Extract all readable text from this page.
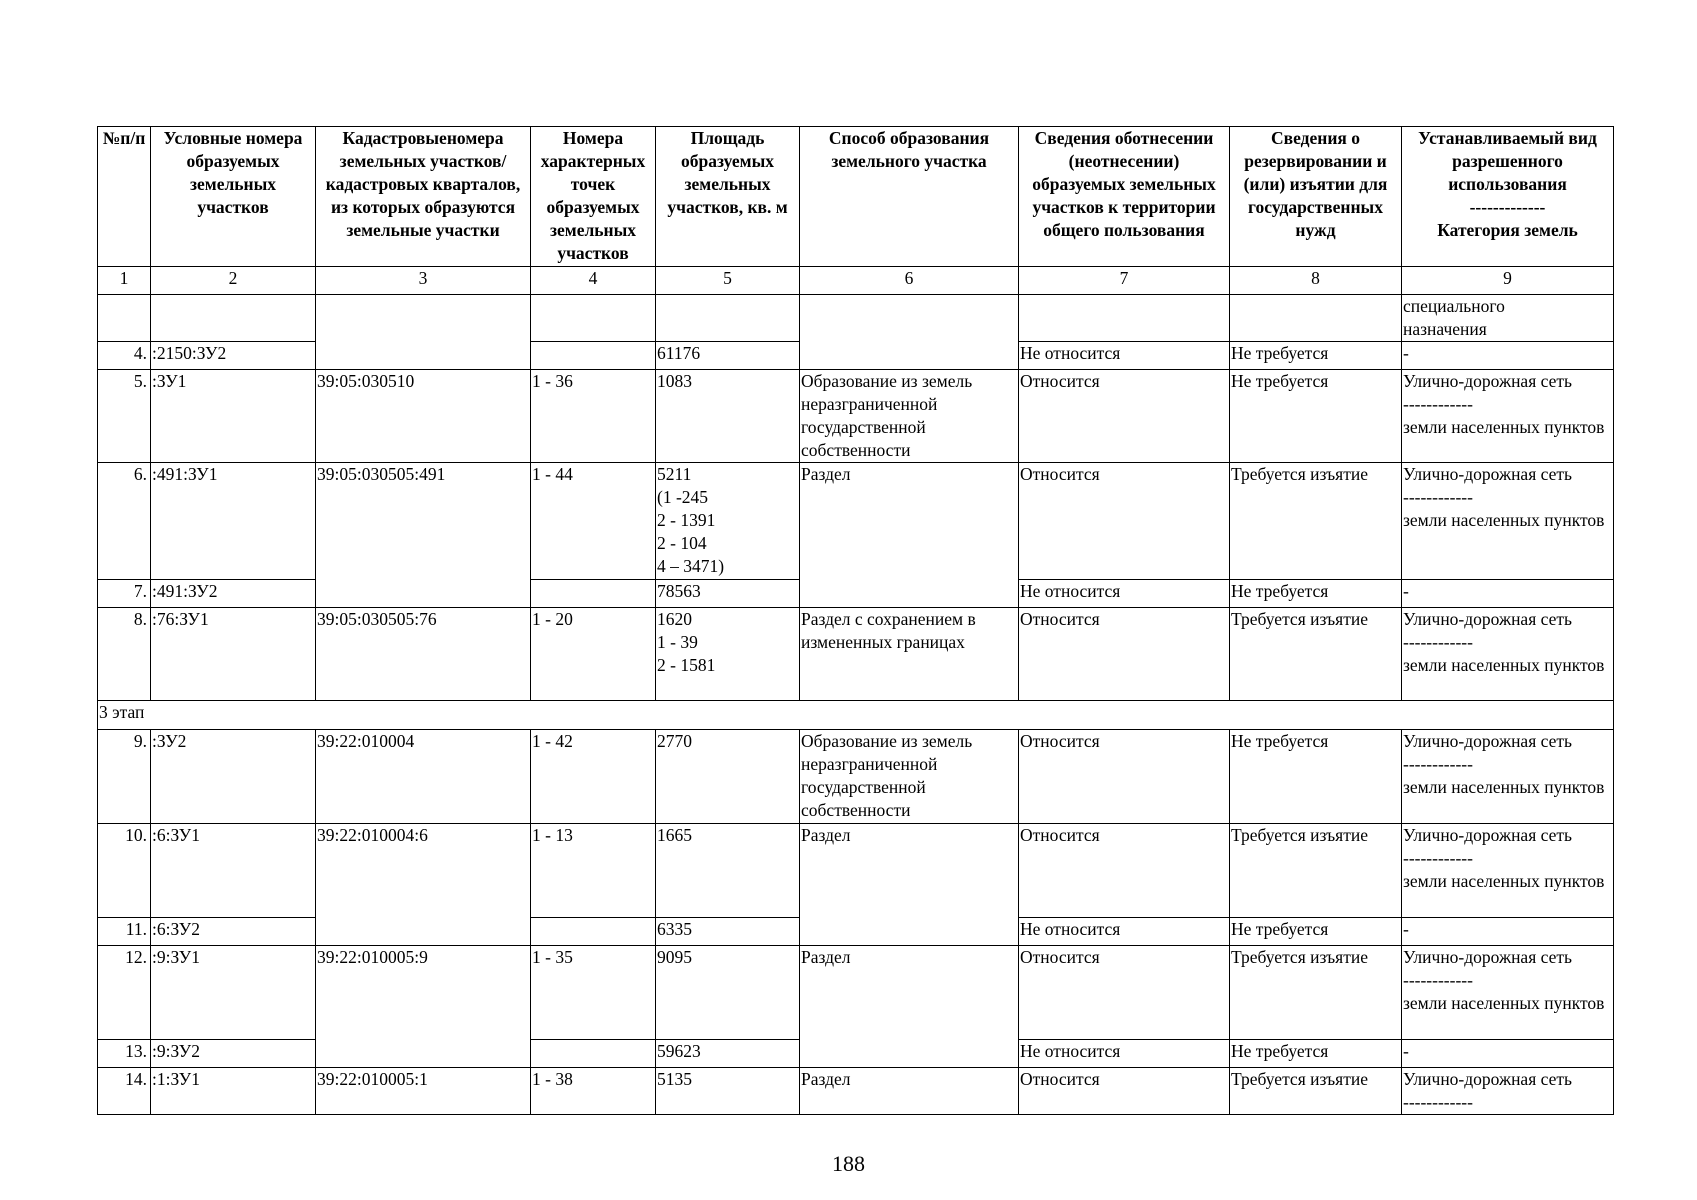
№п/п	Условные номера образуемых земельных участков	Кадастровыеномера земельных участков/кадастровых кварталов, из которых образуются земельные участки	Номера характерных точек образуемых земельных участков	Площадь образуемых земельных участков, кв. м	Способ образования земельного участка	Сведения оботнесении (неотнесении) образуемых земельных участков к территории общего пользования	Сведения о резервировании и (или) изъятии для государственных нужд	Устанавливаемый вид разрешенного использования
-------------
Категория земель
1	2	3	4	5	6	7	8	9
								специального
назначения
4.	:2150:ЗУ2			61176		Не относится	Не требуется	-
5.	:ЗУ1	39:05:030510	1 - 36	1083	Образование из земель неразграниченной государственной собственности	Относится	Не требуется	Улично-дорожная сеть
------------
земли населенных пунктов
6.	:491:ЗУ1	39:05:030505:491	1 - 44	5211
(1 -245
2 - 1391
2 - 104
4 – 3471)	Раздел	Относится	Требуется изъятие	Улично-дорожная сеть
------------
земли населенных пунктов
7.	:491:ЗУ2			78563		Не относится	Не требуется	-
8.	:76:ЗУ1	39:05:030505:76	1 - 20	1620
1 - 39
2 - 1581	Раздел с сохранением в измененных границах	Относится	Требуется изъятие	Улично-дорожная сеть
------------
земли населенных пунктов
3 этап								
9.	:ЗУ2	39:22:010004	1 - 42	2770	Образование из земель неразграниченной государственной собственности	Относится	Не требуется	Улично-дорожная сеть
------------
земли населенных пунктов
10.	:6:ЗУ1	39:22:010004:6	1 - 13	1665	Раздел	Относится	Требуется изъятие	Улично-дорожная сеть
------------
земли населенных пунктов
11.	:6:ЗУ2			6335		Не относится	Не требуется	-
12.	:9:ЗУ1	39:22:010005:9	1 - 35	9095	Раздел	Относится	Требуется изъятие	Улично-дорожная сеть
------------
земли населенных пунктов
13.	:9:ЗУ2			59623		Не относится	Не требуется	-
14.	:1:ЗУ1	39:22:010005:1	1 - 38	5135	Раздел	Относится	Требуется изъятие	Улично-дорожная сеть
------------
188
